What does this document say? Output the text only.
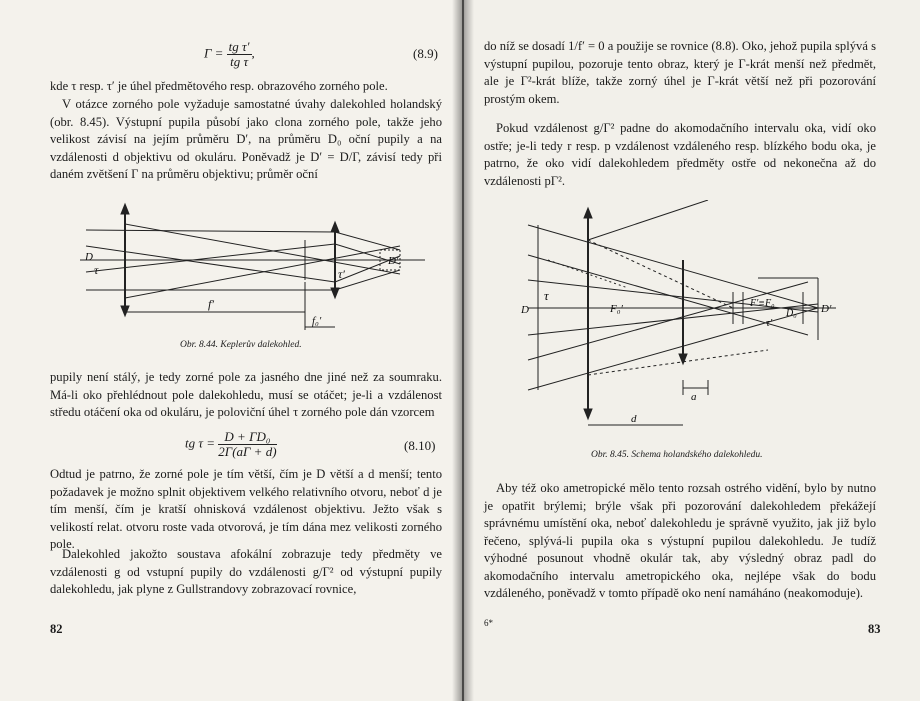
$\Gamma = \frac{\text{tg τ′}}{\text{tg τ}}$ ,	(8.9)

kde τ resp. τ′ je úhel předmětového resp. obrazového zorného pole.

V otázce zorného pole vyžaduje samostatné úvahy dalekohled holandský (obr. 8.45). Výstupní pupila působí jako clona zorného pole, takže jeho velikost závisí na jejím průměru D′, na průměru D₀ oční pupily a na vzdálenosti d objektivu od okuláru. Poněvadž je D′ = D/Γ, závisí tedy při daném zvětšení Γ na průměru objektivu; průměr oční

D
τ	τ′
D′
f′
f₀′
Obr. 8.44. Keplerův dalekohled.

pupily není stálý, je tedy zorné pole za jasného dne jiné než za soumraku. Má-li oko přehlédnout pole dalekohledu, musí se otáčet; je-li a vzdálenost středu otáčení oka od okuláru, je poloviční úhel τ zorného pole dán vzorcem

tg $\tau = \frac{\text{D + ΓD₀}}{2\Gamma(a\Gamma + d)}$	(8.10)

Odtud je patrno, že zorné pole je tím větší, čím je D větší a d menší; tento požadavek je možno splnit objektivem velkého relativního otvoru, neboť d je tím menší, čím je kratší ohnisková vzdálenost objektivu. Ježto však s velikostí relat. otvoru roste vada otvorová, je tím dána mez velikosti zorného pole.

Dalekohled jakožto soustava afokální zobrazuje tedy předměty ve vzdálenosti g od vstupní pupily do vzdálenosti g/Γ² od výstupní pupily dalekohledu, jak plyne z Gullstrandovy zobrazovací rovnice,

82

do níž se dosadí 1/f′ = 0 a použije se rovnice (8.8). Oko, jehož pupila splývá s výstupní pupilou, pozoruje tento obraz, který je Γ-krát menší než předmět, ale je Γ²-krát blíže, takže zorný úhel je Γ-krát větší než při pozorování prostým okem.

Pokud vzdálenost g/Γ² padne do akomodačního intervalu oka, vidí oko ostře; je-li tedy r resp. p vzdálenost vzdáleného resp. blízkého bodu oka, je patrno, že oko vidí dalekohledem předměty ostře od nekonečna až do vzdálenosti pΓ².

D
τ
F₀′	F′≡F₀
D₀ D′
τ′
a
d
Obr. 8.45. Schema holandského dalekohledu.

Aby též oko ametropické mělo tento rozsah ostrého vidění, bylo by nutno je opatřit brýlemi; brýle však při pozorování dalekohledem překážejí správnému umístění oka, neboť dalekohledu je správně využito, jak již bylo řečeno, splývá-li pupila oka s výstupní pupilou dalekohledu. Je tudíž výhodné posunout vhodně okulár tak, aby výsledný obraz padl do akomodačního intervalu ametropického oka, nejlépe však do bodu vzdáleného, poněvadž v tomto případě oko není namáháno (neakomoduje).

6*	83
